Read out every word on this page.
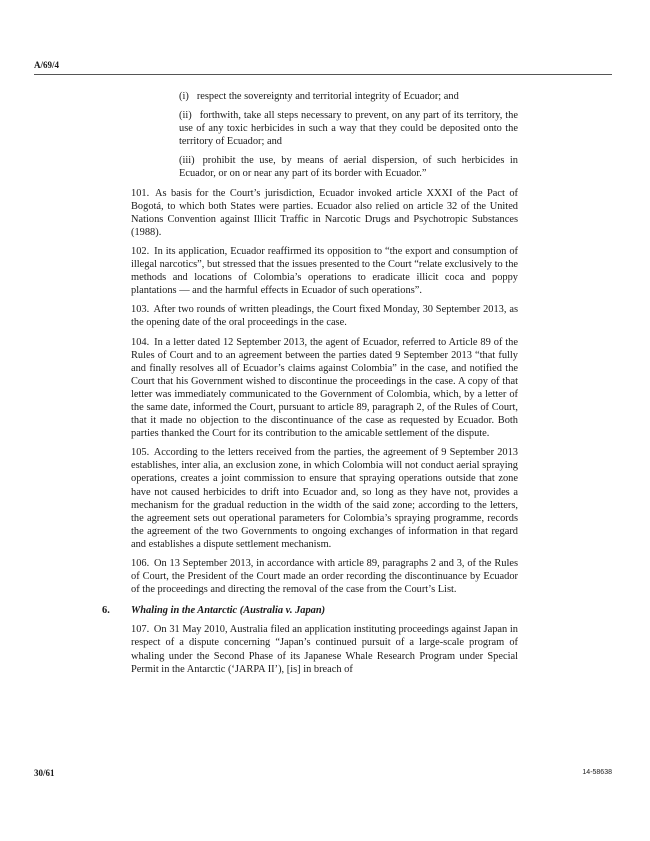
A/69/4

(i) respect the sovereignty and territorial integrity of Ecuador; and

(ii) forthwith, take all steps necessary to prevent, on any part of its territory, the use of any toxic herbicides in such a way that they could be deposited onto the territory of Ecuador; and

(iii) prohibit the use, by means of aerial dispersion, of such herbicides in Ecuador, or on or near any part of its border with Ecuador.”

101. As basis for the Court’s jurisdiction, Ecuador invoked article XXXI of the Pact of Bogotá, to which both States were parties. Ecuador also relied on article 32 of the United Nations Convention against Illicit Traffic in Narcotic Drugs and Psychotropic Substances (1988).

102. In its application, Ecuador reaffirmed its opposition to “the export and consumption of illegal narcotics”, but stressed that the issues presented to the Court “relate exclusively to the methods and locations of Colombia’s operations to eradicate illicit coca and poppy plantations — and the harmful effects in Ecuador of such operations”.

103. After two rounds of written pleadings, the Court fixed Monday, 30 September 2013, as the opening date of the oral proceedings in the case.

104. In a letter dated 12 September 2013, the agent of Ecuador, referred to Article 89 of the Rules of Court and to an agreement between the parties dated 9 September 2013 “that fully and finally resolves all of Ecuador’s claims against Colombia” in the case, and notified the Court that his Government wished to discontinue the proceedings in the case. A copy of that letter was immediately communicated to the Government of Colombia, which, by a letter of the same date, informed the Court, pursuant to article 89, paragraph 2, of the Rules of Court, that it made no objection to the discontinuance of the case as requested by Ecuador. Both parties thanked the Court for its contribution to the amicable settlement of the dispute.

105. According to the letters received from the parties, the agreement of 9 September 2013 establishes, inter alia, an exclusion zone, in which Colombia will not conduct aerial spraying operations, creates a joint commission to ensure that spraying operations outside that zone have not caused herbicides to drift into Ecuador and, so long as they have not, provides a mechanism for the gradual reduction in the width of the said zone; according to the letters, the agreement sets out operational parameters for Colombia’s spraying programme, records the agreement of the two Governments to ongoing exchanges of information in that regard and establishes a dispute settlement mechanism.

106. On 13 September 2013, in accordance with article 89, paragraphs 2 and 3, of the Rules of Court, the President of the Court made an order recording the discontinuance by Ecuador of the proceedings and directing the removal of the case from the Court’s List.

6. Whaling in the Antarctic (Australia v. Japan)

107. On 31 May 2010, Australia filed an application instituting proceedings against Japan in respect of a dispute concerning “Japan’s continued pursuit of a large-scale program of whaling under the Second Phase of its Japanese Whale Research Program under Special Permit in the Antarctic (‘JARPA II’), [is] in breach of

30/61	14-58638
